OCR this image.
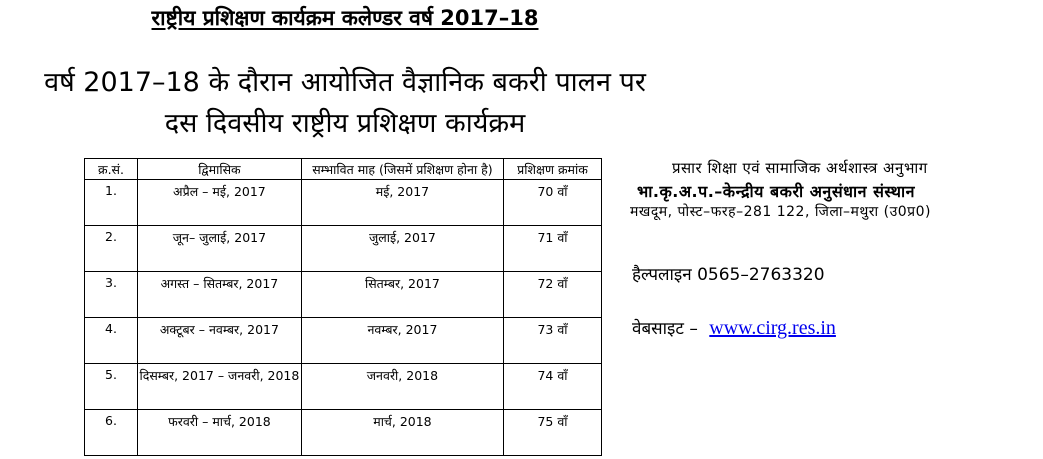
राष्ट्रीय प्रशिक्षण कार्यक्रम कलेण्डर वर्ष 2017–18
वर्ष 2017–18 के दौरान आयोजित वैज्ञानिक बकरी पालन पर
दस दिवसीय राष्ट्रीय प्रशिक्षण कार्यक्रम
क्र.सं.	द्विमासिक	सम्भावित माह (जिसमें प्रशिक्षण होना है)	प्रशिक्षण क्रमांक
1.	अप्रैल – मई, 2017	मई, 2017	70 वॉं
2.	जून– जुलाई, 2017	जुलाई, 2017	71 वॉं
3.	अगस्त – सितम्बर, 2017	सितम्बर, 2017	72 वॉं
4.	अक्टूबर – नवम्बर, 2017	नवम्बर, 2017	73 वॉं
5.	दिसम्बर, 2017 – जनवरी, 2018	जनवरी, 2018	74 वॉं
6.	फरवरी – मार्च, 2018	मार्च, 2018	75 वॉं
प्रसार शिक्षा एवं सामाजिक अर्थशास्त्र अनुभाग
भा.कृ.अ.प.–केन्द्रीय बकरी अनुसंधान संस्थान
मखदूम, पोस्ट–फरह–281 122, जिला–मथुरा (उ0प्र0)
हैल्पलाइन 0565–2763320
वेबसाइट – www.cirg.res.in
